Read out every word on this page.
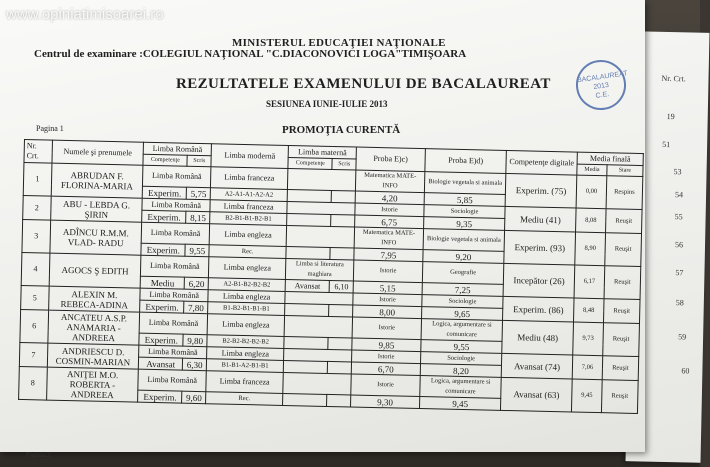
Nr. Crt.
19
51
53
54
55
56
57
58
59
60
MINISTERUL EDUCAŢIEI NAŢIONALE
Centrul de examinare :COLEGIUL NAŢIONAL "C.DIACONOVICI LOGA"TIMIŞOARA
REZULTATELE EXAMENULUI DE BACALAUREAT
SESIUNEA IUNIE-IULIE 2013
PROMOŢIA CURENTĂ
Pagina 1
BACALAUREAT
2013
C.E.
Nr. Crt.	Numele şi prenumele	Limba Română		Limba modernă	Limba maternă		Proba E)c)	Proba E)d)	Competenţe digitale	Media finală	
		Competenţe	Scris		Competenţe	Scris				Media	Stare
1	ABRUDAN F.
FLORINA-MARIA	Limba Română		Limba franceza			Matematica MATE-INFO	Biologie vegetala si animala	Experim. (75)	0,00	Respins
		Experim.	5,75	A2-A1-A1-A2-A2			4,20	5,85			
2	ABU - LEBDA G.
ŞIRIN	Limba Română		Limba franceza			Istorie	Sociologie	Mediu (41)	8,08	Reuşit
		Experim.	8,15	B2-B1-B1-B2-B1			6,75	9,35			
3	ADÎNCU R.M.M.
VLAD- RADU	Limba Română		Limba engleza			Matematica MATE-INFO	Biologie vegetala si animala	Experim. (93)	8,90	Reuşit
		Experim.	9,55	Rec.			7,95	9,20			
4	AGOCS Ş EDITH	Limba Română		Limba engleza	Limba si literatura maghiara		Istorie	Geografie	Incepător (26)	6,17	Reuşit
		Mediu	6,20	A2-B1-B2-B2-B2	Avansat	6,10	5,15	7,25			
5	ALEXIN M.
REBECA-ADINA	Limba Română		Limba engleza			Istorie	Sociologie	Experim. (86)	8,48	Reuşit
		Experim.	7,80	B1-B2-B1-B1-B1			8,00	9,65			
6	ANCATEU A.S.P.
ANAMARIA - ANDREEA	Limba Română		Limba engleza			Istorie	Logica, argumentare si comunicare	Mediu (48)	9,73	Reuşit
		Experim.	9,80	B2-B2-B2-B2-B2			9,85	9,55			
7	ANDRIESCU D.
COSMIN-MARIAN	Limba Română		Limba engleza			Istorie	Sociologie	Avansat (74)	7,06	Reuşit
		Avansat	6,30	B1-B1-A2-B1-B1			6,70	8,20			
8	ANIŢEI M.O.
ROBERTA - ANDREEA	Limba Română		Limba franceza			Istorie	Logica, argumentare si comunicare	Avansat (63)	9,45	Reuşit
		Experim.	9,60	Rec.			9,30	9,45			
Pagina 2
www.opiniatimisoarei.ro
